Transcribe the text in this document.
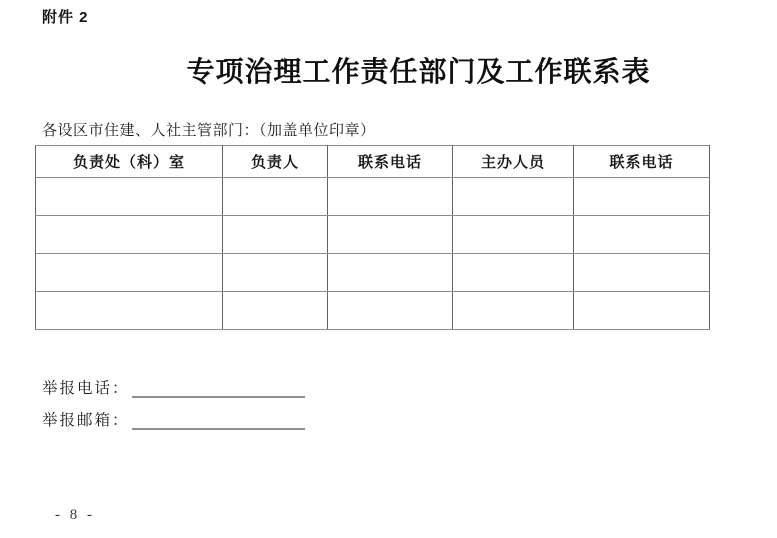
附件 2
专项治理工作责任部门及工作联系表
各设区市住建、人社主管部门：（加盖单位印章）
负责处（科）室	负责人	联系电话	主办人员	联系电话

举报电话：
举报邮箱：
- 8 -
